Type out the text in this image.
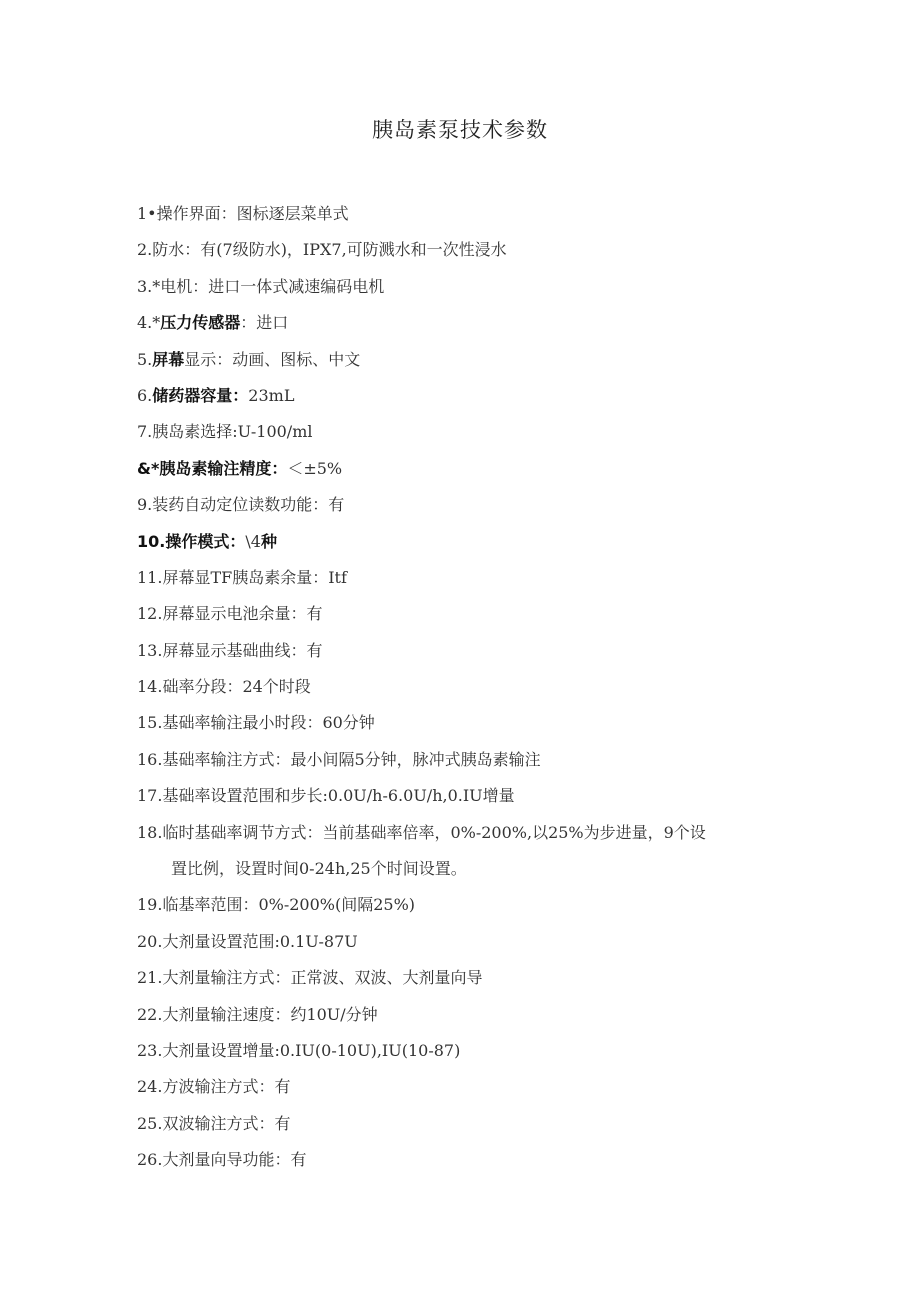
胰岛素泵技术参数
1•操作界面：图标逐层菜单式
2.防水：有(7级防水)，IPX7,可防溅水和一次性浸水
3.*电机：进口一体式减速编码电机
4.*压力传感器：进口
5.屏幕显示：动画、图标、中文
6.储药器容量：23mL
7.胰岛素选择:U-100/ml
&*胰岛素输注精度：＜±5%
9.装药自动定位读数功能：有
10.操作模式：\4种
11.屏幕显TF胰岛素余量：Itf
12.屏幕显示电池余量：有
13.屏幕显示基础曲线：有
14.础率分段：24个时段
15.基础率输注最小时段：60分钟
16.基础率输注方式：最小间隔5分钟，脉冲式胰岛素输注
17.基础率设置范围和步长:0.0U/h-6.0U/h,0.IU增量
18.临时基础率调节方式：当前基础率倍率，0%-200%,以25%为步进量，9个设
置比例，设置时间0-24h,25个时间设置。
19.临基率范围：0%-200%(间隔25%)
20.大剂量设置范围:0.1U-87U
21.大剂量输注方式：正常波、双波、大剂量向导
22.大剂量输注速度：约10U/分钟
23.大剂量设置增量:0.IU(0-10U),IU(10-87)
24.方波输注方式：有
25.双波输注方式：有
26.大剂量向导功能：有
